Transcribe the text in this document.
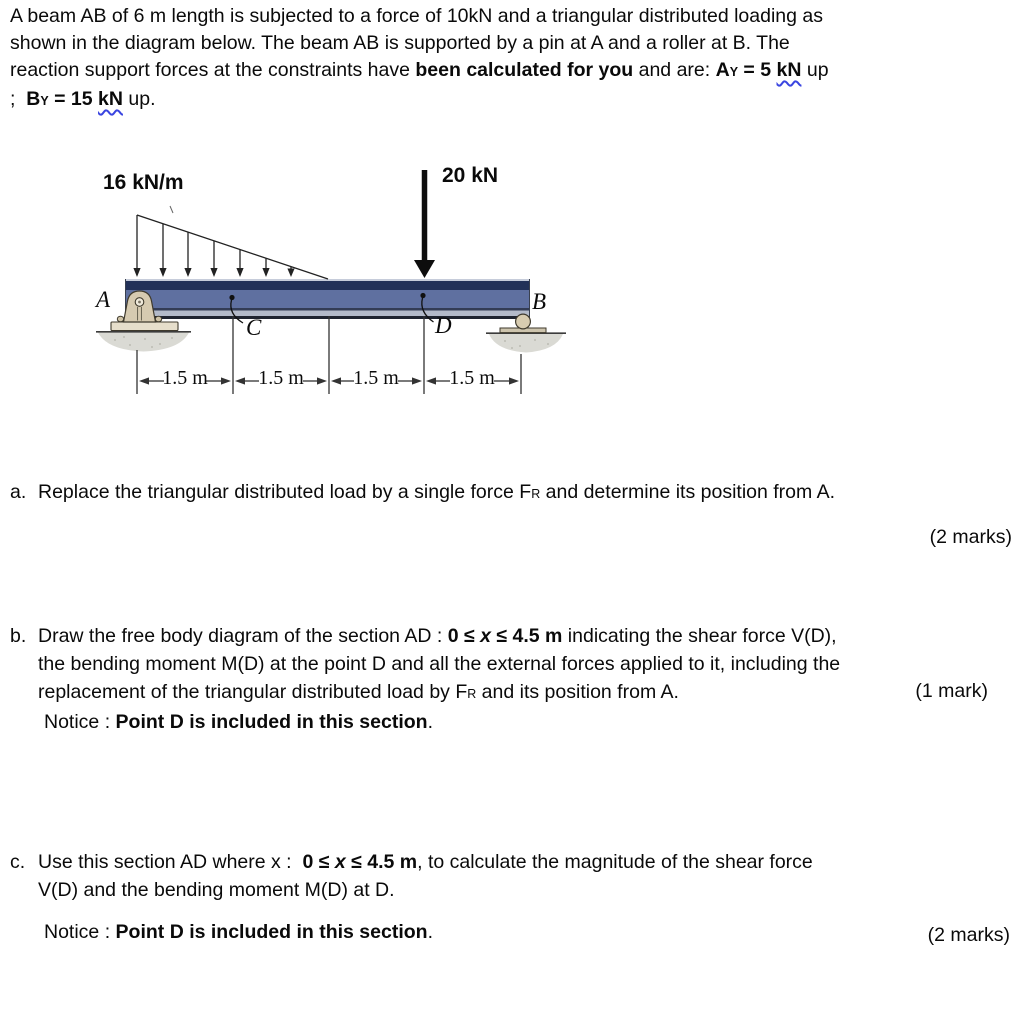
A beam AB of 6 m length is subjected to a force of 10kN and a triangular distributed loading as
shown in the diagram below. The beam AB is supported by a pin at A and a roller at B. The
reaction support forces at the constraints have been calculated for you and are: AY = 5 kN up
;  BY = 15 kN up.
16 kN/m	20 kN
A	B
C	D
1.5 m	1.5 m 1.5 m	1.5 m
a. Replace the triangular distributed load by a single force FR and determine its position from A.
(2 marks)
b. Draw the free body diagram of the section AD : 0 ≤ x ≤ 4.5 m indicating the shear force V(D),
the bending moment M(D) at the point D and all the external forces applied to it, including the
replacement of the triangular distributed load by FR and its position from A.
Notice : Point D is included in this section.
(1 mark)
c. Use this section AD where x :  0 ≤ x ≤ 4.5 m, to calculate the magnitude of the shear force
V(D) and the bending moment M(D) at D.
Notice : Point D is included in this section.	(2 marks)
